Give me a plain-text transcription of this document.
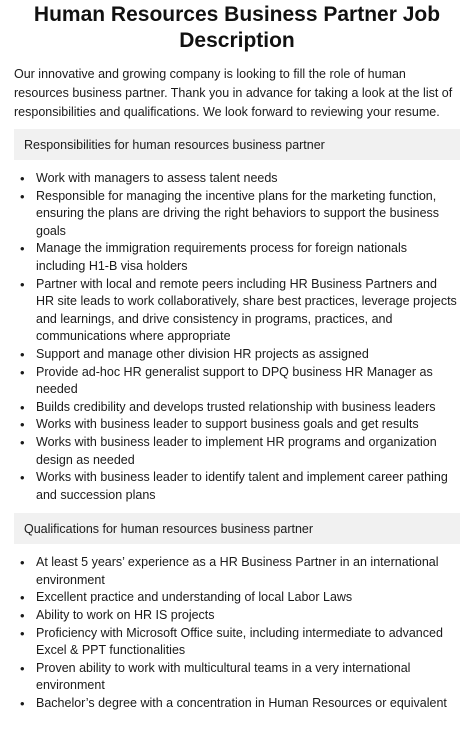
Human Resources Business Partner Job Description

Our innovative and growing company is looking to fill the role of human resources business partner. Thank you in advance for taking a look at the list of responsibilities and qualifications. We look forward to reviewing your resume.

Responsibilities for human resources business partner
• Work with managers to assess talent needs
• Responsible for managing the incentive plans for the marketing function, ensuring the plans are driving the right behaviors to support the business goals
• Manage the immigration requirements process for foreign nationals including H1-B visa holders
• Partner with local and remote peers including HR Business Partners and HR site leads to work collaboratively, share best practices, leverage projects and learnings, and drive consistency in programs, practices, and communications where appropriate
• Support and manage other division HR projects as assigned
• Provide ad-hoc HR generalist support to DPQ business HR Manager as needed
• Builds credibility and develops trusted relationship with business leaders
• Works with business leader to support business goals and get results
• Works with business leader to implement HR programs and organization design as needed
• Works with business leader to identify talent and implement career pathing and succession plans
Qualifications for human resources business partner
• At least 5 years’ experience as a HR Business Partner in an international environment
• Excellent practice and understanding of local Labor Laws
• Ability to work on HR IS projects
• Proficiency with Microsoft Office suite, including intermediate to advanced Excel & PPT functionalities
• Proven ability to work with multicultural teams in a very international environment
• Bachelor’s degree with a concentration in Human Resources or equivalent
